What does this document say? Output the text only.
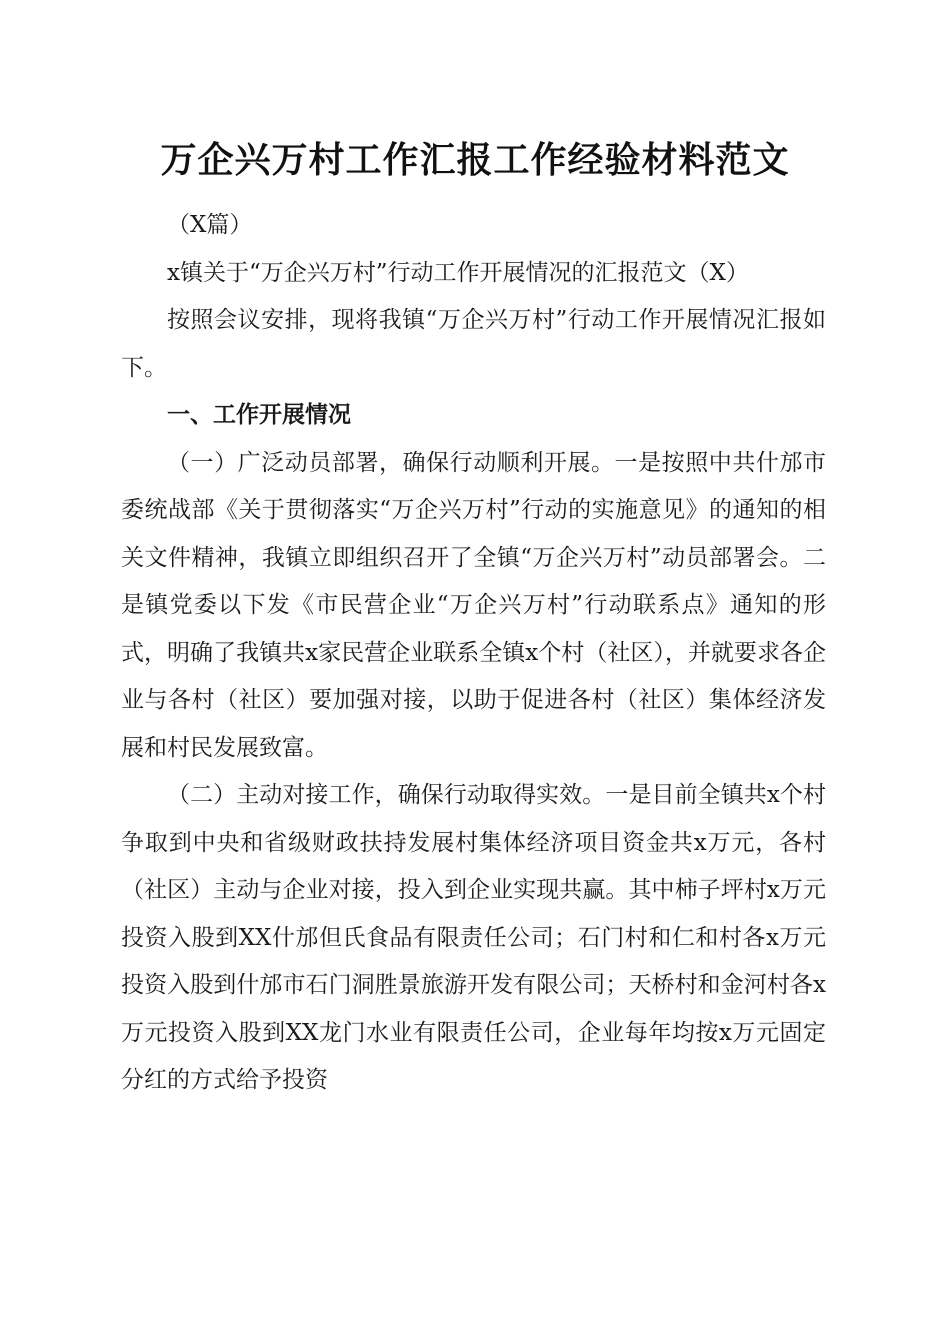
万企兴万村工作汇报工作经验材料范文

（X篇）

x镇关于“万企兴万村”行动工作开展情况的汇报范文（X）

按照会议安排，现将我镇“万企兴万村”行动工作开展情况汇报如下。

一、工作开展情况

（一）广泛动员部署，确保行动顺利开展。一是按照中共什邡市委统战部《关于贯彻落实“万企兴万村”行动的实施意见》的通知的相关文件精神，我镇立即组织召开了全镇“万企兴万村”动员部署会。二是镇党委以下发《市民营企业“万企兴万村”行动联系点》通知的形式，明确了我镇共x家民营企业联系全镇x个村（社区），并就要求各企业与各村（社区）要加强对接，以助于促进各村（社区）集体经济发展和村民发展致富。

（二）主动对接工作，确保行动取得实效。一是目前全镇共x个村争取到中央和省级财政扶持发展村集体经济项目资金共x万元，各村（社区）主动与企业对接，投入到企业实现共赢。其中柿子坪村x万元投资入股到XX什邡但氏食品有限责任公司；石门村和仁和村各x万元投资入股到什邡市石门洞胜景旅游开发有限公司；天桥村和金河村各x万元投资入股到XX龙门水业有限责任公司，企业每年均按x万元固定分红的方式给予投资
